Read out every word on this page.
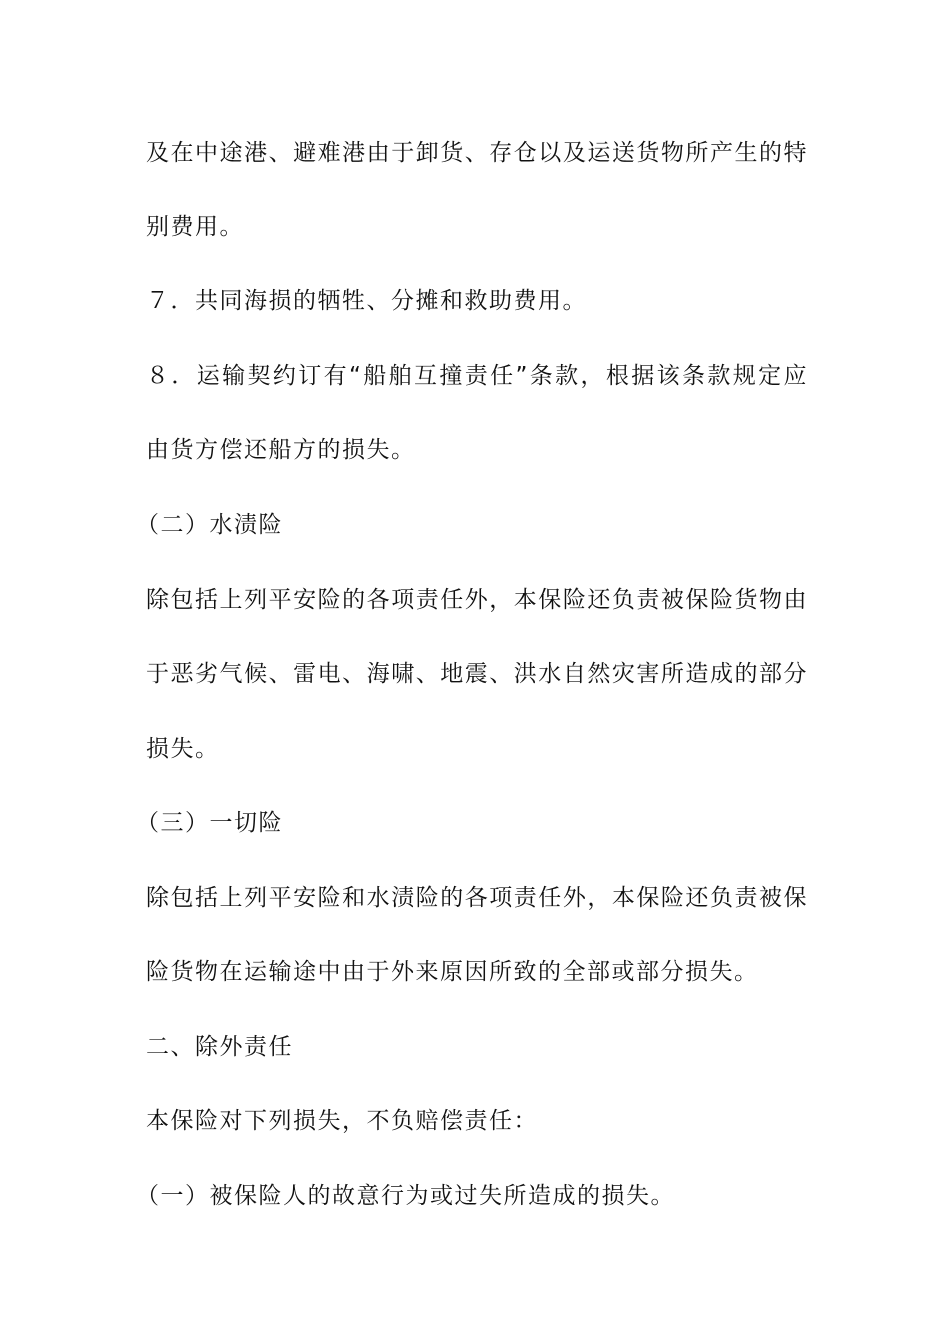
及在中途港、避难港由于卸货、存仓以及运送货物所产生的特
别费用。
７．共同海损的牺牲、分摊和救助费用。
８．运输契约订有“船舶互撞责任”条款，根据该条款规定应
由货方偿还船方的损失。
（二）水渍险
除包括上列平安险的各项责任外，本保险还负责被保险货物由
于恶劣气候、雷电、海啸、地震、洪水自然灾害所造成的部分
损失。
（三）一切险
除包括上列平安险和水渍险的各项责任外，本保险还负责被保
险货物在运输途中由于外来原因所致的全部或部分损失。
二、除外责任
本保险对下列损失，不负赔偿责任：
（一）被保险人的故意行为或过失所造成的损失。
